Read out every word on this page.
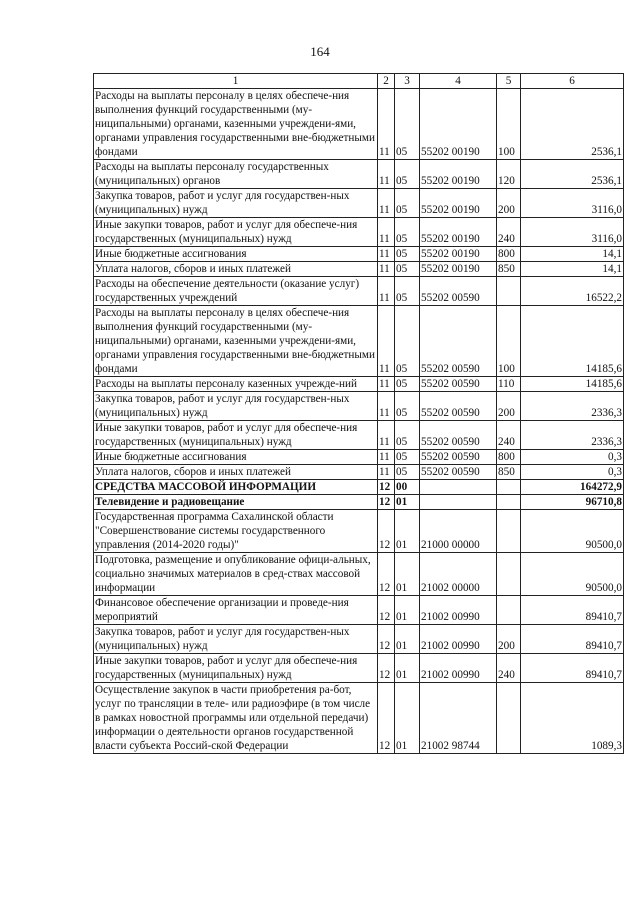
164
1	2	3	4	5	6
Расходы на выплаты персоналу в целях обеспече-ния выполнения функций государственными (му-ниципальными) органами, казенными учреждени-ями, органами управления государственными вне-бюджетными фондами	11	05	55202 00190	100	2536,1
Расходы на выплаты персоналу государственных (муниципальных) органов	11	05	55202 00190	120	2536,1
Закупка товаров, работ и услуг для государствен-ных (муниципальных) нужд	11	05	55202 00190	200	3116,0
Иные закупки товаров, работ и услуг для обеспече-ния государственных (муниципальных) нужд	11	05	55202 00190	240	3116,0
Иные бюджетные ассигнования	11	05	55202 00190	800	14,1
Уплата налогов, сборов и иных платежей	11	05	55202 00190	850	14,1
Расходы на обеспечение деятельности (оказание услуг) государственных учреждений	11	05	55202 00590		16522,2
Расходы на выплаты персоналу в целях обеспече-ния выполнения функций государственными (му-ниципальными) органами, казенными учреждени-ями, органами управления государственными вне-бюджетными фондами	11	05	55202 00590	100	14185,6
Расходы на выплаты персоналу казенных учрежде-ний	11	05	55202 00590	110	14185,6
Закупка товаров, работ и услуг для государствен-ных (муниципальных) нужд	11	05	55202 00590	200	2336,3
Иные закупки товаров, работ и услуг для обеспече-ния государственных (муниципальных) нужд	11	05	55202 00590	240	2336,3
Иные бюджетные ассигнования	11	05	55202 00590	800	0,3
Уплата налогов, сборов и иных платежей	11	05	55202 00590	850	0,3
СРЕДСТВА МАССОВОЙ ИНФОРМАЦИИ	12	00			164272,9
Телевидение и радиовещание	12	01			96710,8
Государственная программа Сахалинской области "Совершенствование системы государственного управления (2014-2020 годы)"	12	01	21000 00000		90500,0
Подготовка, размещение и опубликование офици-альных, социально значимых материалов в сред-ствах массовой информации	12	01	21002 00000		90500,0
Финансовое обеспечение организации и проведе-ния мероприятий	12	01	21002 00990		89410,7
Закупка товаров, работ и услуг для государствен-ных (муниципальных) нужд	12	01	21002 00990	200	89410,7
Иные закупки товаров, работ и услуг для обеспече-ния государственных (муниципальных) нужд	12	01	21002 00990	240	89410,7
Осуществление закупок в части приобретения ра-бот, услуг по трансляции в теле- или радиоэфире (в том числе в рамках новостной программы или отдельной передачи) информации о деятельности органов государственной власти субъекта Россий-ской Федерации	12	01	21002 98744		1089,3
